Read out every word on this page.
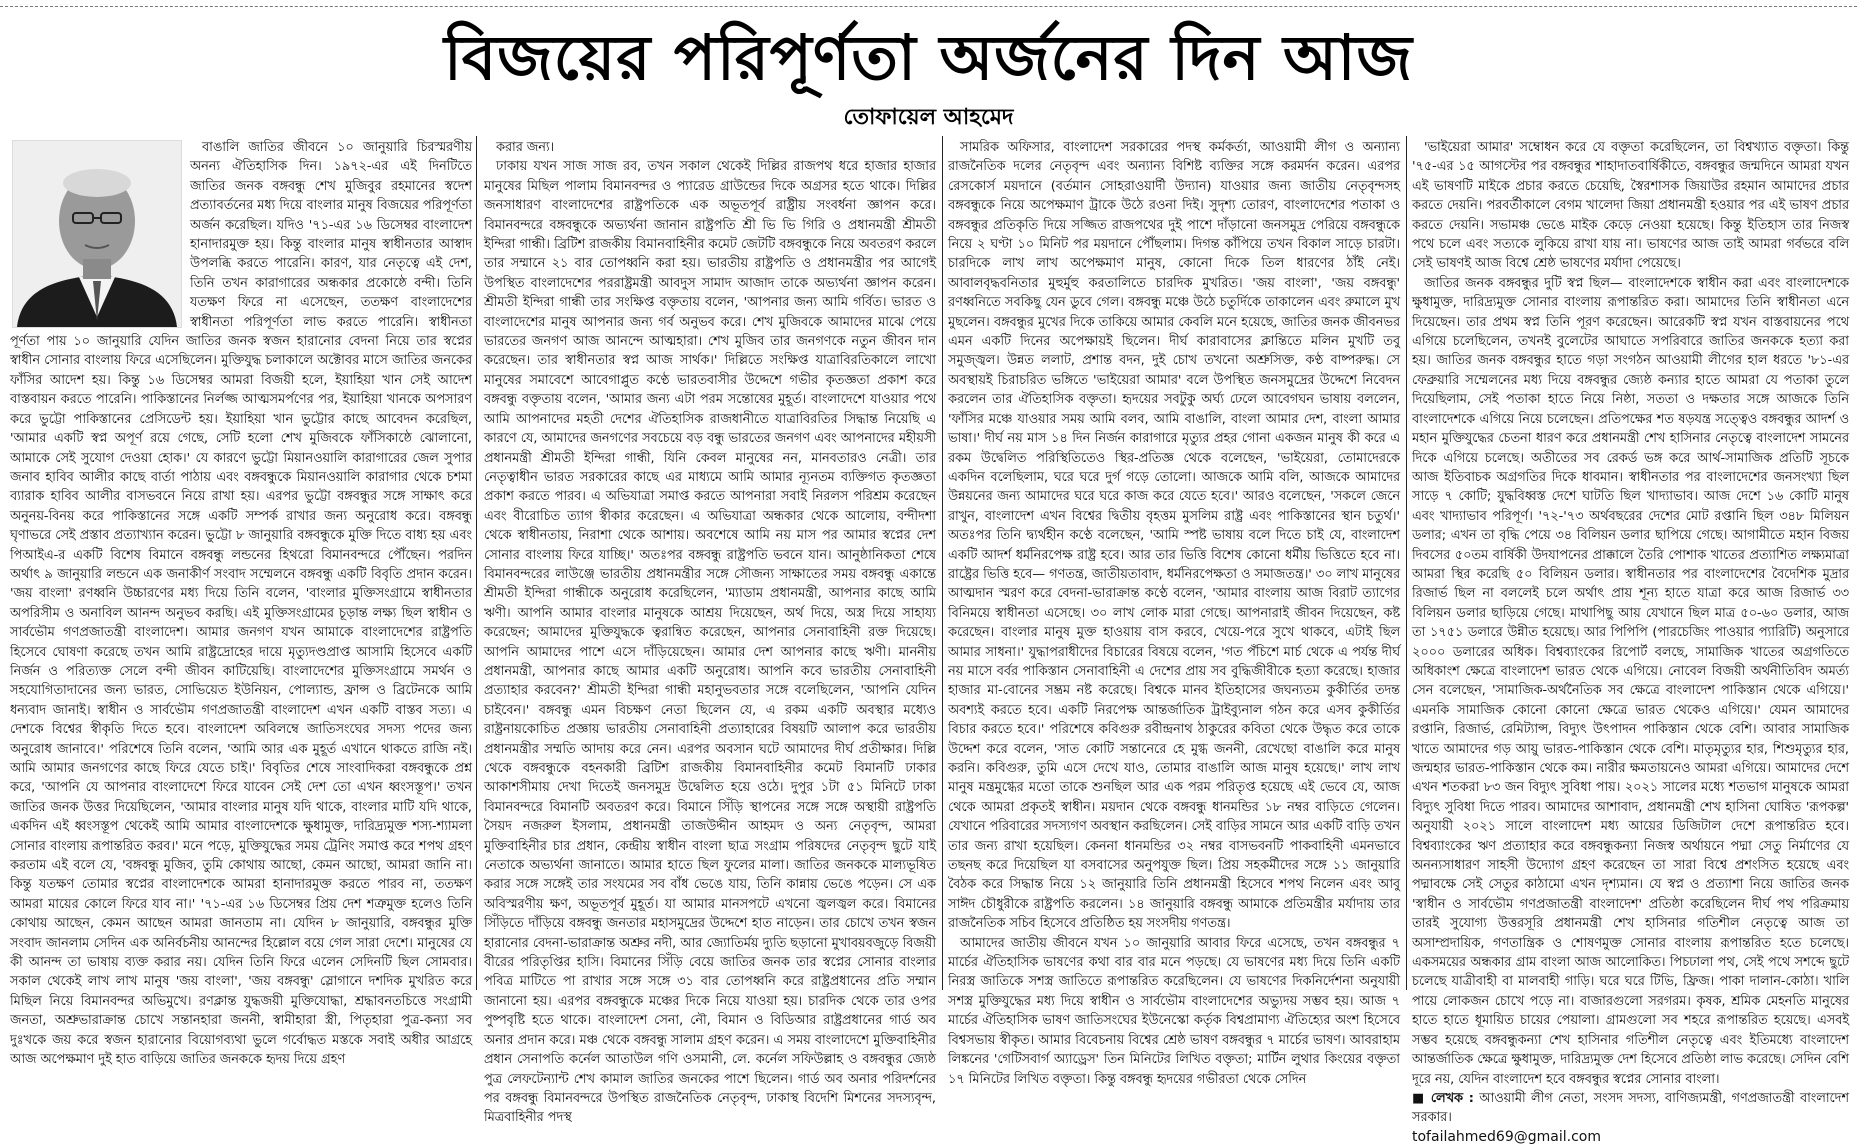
বিজয়ের পরিপূর্ণতা অর্জনের দিন আজ
তোফায়েল আহমেদ

বাঙালি জাতির জীবনে ১০ জানুয়ারি চিরস্মরণীয় অনন্য ঐতিহাসিক দিন। ১৯৭২-এর এই দিনটিতে জাতির জনক বঙ্গবন্ধু শেখ মুজিবুর রহমানের স্বদেশ প্রত্যাবর্তনের মধ্য দিয়ে বাংলার মানুষ বিজয়ের পরিপূর্ণতা অর্জন করেছিল। যদিও '৭১-এর ১৬ ডিসেম্বর বাংলাদেশ হানাদারমুক্ত হয়। কিন্তু বাংলার মানুষ স্বাধীনতার আস্বাদ উপলব্ধি করতে পারেনি। কারণ, যার নেতৃত্বে এই দেশ, তিনি তখন কারাগারের অন্ধকার প্রকোষ্ঠে বন্দী। তিনি যতক্ষণ ফিরে না এসেছেন, ততক্ষণ বাংলাদেশের স্বাধীনতা পরিপূর্ণতা লাভ করতে পারেনি। স্বাধীনতা পূর্ণতা পায় ১০ জানুয়ারি যেদিন জাতির জনক স্বজন হারানোর বেদনা নিয়ে তার স্বপ্নের স্বাধীন সোনার বাংলায় ফিরে এসেছিলেন। মুক্তিযুদ্ধ চলাকালে অক্টোবর মাসে জাতির জনকের ফাঁসির আদেশ হয়। কিন্তু ১৬ ডিসেম্বর আমরা বিজয়ী হলে, ইয়াহিয়া খান সেই আদেশ বাস্তবায়ন করতে পারেনি। পাকিস্তানের নির্লজ্জ আত্মসমর্পণের পর, ইয়াহিয়া খানকে অপসারণ করে ভুট্টো পাকিস্তানের প্রেসিডেন্ট হয়। ইয়াহিয়া খান ভুট্টোর কাছে আবেদন করেছিল, 'আমার একটি স্বপ্ন অপূর্ণ রয়ে গেছে, সেটি হলো শেখ মুজিবকে ফাঁসিকাষ্ঠে ঝোলানো, আমাকে সেই সুযোগ দেওয়া হোক।' যে কারণে ভুট্টো মিয়ানওয়ালি কারাগারের জেল সুপার জনাব হাবিব আলীর কাছে বার্তা পাঠায় এবং বঙ্গবন্ধুকে মিয়ানওয়ালি কারাগার থেকে চশমা ব্যারাক হাবিব আলীর বাসভবনে নিয়ে রাখা হয়। এরপর ভুট্টো বঙ্গবন্ধুর সঙ্গে সাক্ষাৎ করে অনুনয়-বিনয় করে পাকিস্তানের সঙ্গে একটি সম্পর্ক রাখার জন্য অনুরোধ করে। বঙ্গবন্ধু ঘৃণাভরে সেই প্রস্তাব প্রত্যাখ্যান করেন। ভুট্টো ৮ জানুয়ারি বঙ্গবন্ধুকে মুক্তি দিতে বাধ্য হয় এবং পিআইএ-র একটি বিশেষ বিমানে বঙ্গবন্ধু লন্ডনের হিথরো বিমানবন্দরে পৌঁছেন। পরদিন অর্থাৎ ৯ জানুয়ারি লন্ডনে এক জনাকীর্ণ সংবাদ সম্মেলনে বঙ্গবন্ধু একটি বিবৃতি প্রদান করেন। 'জয় বাংলা' রণধ্বনি উচ্চারণের মধ্য দিয়ে তিনি বলেন, 'বাংলার মুক্তিসংগ্রামে স্বাধীনতার অপরিসীম ও অনাবিল আনন্দ অনুভব করছি। এই মুক্তিসংগ্রামের চূড়ান্ত লক্ষ্য ছিল স্বাধীন ও সার্বভৌম গণপ্রজাতন্ত্রী বাংলাদেশ। আমার জনগণ যখন আমাকে বাংলাদেশের রাষ্ট্রপতি হিসেবে ঘোষণা করেছে তখন আমি রাষ্ট্রদ্রোহের দায়ে মৃত্যুদণ্ডপ্রাপ্ত আসামি হিসেবে একটি নির্জন ও পরিত্যক্ত সেলে বন্দী জীবন কাটিয়েছি। বাংলাদেশের মুক্তিসংগ্রামে সমর্থন ও সহযোগিতাদানের জন্য ভারত, সোভিয়েত ইউনিয়ন, পোল্যান্ড, ফ্রান্স ও ব্রিটেনকে আমি ধন্যবাদ জানাই। স্বাধীন ও সার্বভৌম গণপ্রজাতন্ত্রী বাংলাদেশ এখন একটি বাস্তব সত্য। এ দেশকে বিশ্বের স্বীকৃতি দিতে হবে। বাংলাদেশ অবিলম্বে জাতিসংঘের সদস্য পদের জন্য অনুরোধ জানাবে।' পরিশেষে তিনি বলেন, 'আমি আর এক মুহূর্ত এখানে থাকতে রাজি নই। আমি আমার জনগণের কাছে ফিরে যেতে চাই।' বিবৃতির শেষে সাংবাদিকরা বঙ্গবন্ধুকে প্রশ্ন করে, 'আপনি যে আপনার বাংলাদেশে ফিরে যাবেন সেই দেশ তো এখন ধ্বংসস্তূপ।' তখন জাতির জনক উত্তর দিয়েছিলেন, 'আমার বাংলার মানুষ যদি থাকে, বাংলার মাটি যদি থাকে, একদিন এই ধ্বংসস্তূপ থেকেই আমি আমার বাংলাদেশকে ক্ষুধামুক্ত, দারিদ্র্যমুক্ত শস্য-শ্যামলা সোনার বাংলায় রূপান্তরিত করব।' মনে পড়ে, মুক্তিযুদ্ধের সময় ট্রেনিং সমাপ্ত করে শপথ গ্রহণ করতাম এই বলে যে, 'বঙ্গবন্ধু মুজিব, তুমি কোথায় আছো, কেমন আছো, আমরা জানি না। কিন্তু যতক্ষণ তোমার স্বপ্নের বাংলাদেশকে আমরা হানাদারমুক্ত করতে পারব না, ততক্ষণ আমরা মায়ের কোলে ফিরে যাব না।' '৭১-এর ১৬ ডিসেম্বর প্রিয় দেশ শত্রুমুক্ত হলেও তিনি কোথায় আছেন, কেমন আছেন আমরা জানতাম না। যেদিন ৮ জানুয়ারি, বঙ্গবন্ধুর মুক্তি সংবাদ জানলাম সেদিন এক অনির্বচনীয় আনন্দের হিল্লোল বয়ে গেল সারা দেশে। মানুষের যে কী আনন্দ তা ভাষায় ব্যক্ত করার নয়। যেদিন তিনি ফিরে এলেন সেদিনটি ছিল সোমবার। সকাল থেকেই লাখ লাখ মানুষ 'জয় বাংলা', 'জয় বঙ্গবন্ধু' স্লোগানে দশদিক মুখরিত করে মিছিল নিয়ে বিমানবন্দর অভিমুখে। রণক্লান্ত যুদ্ধজয়ী মুক্তিযোদ্ধা, শ্রদ্ধাবনতচিত্তে সংগ্রামী জনতা, অশ্রুভারাক্রান্ত চোখে সন্তানহারা জননী, স্বামীহারা স্ত্রী, পিতৃহারা পুত্র-কন্যা সব দুঃখকে জয় করে স্বজন হারানোর বিয়োগব্যথা ভুলে গর্বোদ্ধত মস্তকে সবাই অধীর আগ্রহে আজ অপেক্ষমাণ দুই হাত বাড়িয়ে জাতির জনককে হৃদয় দিয়ে গ্রহণ

করার জন্য।

ঢাকায় যখন সাজ সাজ রব, তখন সকাল থেকেই দিল্লির রাজপথ ধরে হাজার হাজার মানুষের মিছিল পালাম বিমানবন্দর ও প্যারেড গ্রাউন্ডের দিকে অগ্রসর হতে থাকে। দিল্লির জনসাধারণ বাংলাদেশের রাষ্ট্রপতিকে এক অভূতপূর্ব রাষ্ট্রীয় সংবর্ধনা জ্ঞাপন করে। বিমানবন্দরে বঙ্গবন্ধুকে অভ্যর্থনা জানান রাষ্ট্রপতি শ্রী ভি ভি গিরি ও প্রধানমন্ত্রী শ্রীমতী ইন্দিরা গান্ধী। ব্রিটিশ রাজকীয় বিমানবাহিনীর কমেট জেটটি বঙ্গবন্ধুকে নিয়ে অবতরণ করলে তার সম্মানে ২১ বার তোপধ্বনি করা হয়। ভারতীয় রাষ্ট্রপতি ও প্রধানমন্ত্রীর পর আগেই উপস্থিত বাংলাদেশের পররাষ্ট্রমন্ত্রী আবদুস সামাদ আজাদ তাকে অভ্যর্থনা জ্ঞাপন করেন। শ্রীমতী ইন্দিরা গান্ধী তার সংক্ষিপ্ত বক্তৃতায় বলেন, 'আপনার জন্য আমি গর্বিত। ভারত ও বাংলাদেশের মানুষ আপনার জন্য গর্ব অনুভব করে। শেখ মুজিবকে আমাদের মাঝে পেয়ে ভারতের জনগণ আজ আনন্দে আত্মহারা। শেখ মুজিব তার জনগণকে নতুন জীবন দান করেছেন। তার স্বাধীনতার স্বপ্ন আজ সার্থক।' দিল্লিতে সংক্ষিপ্ত যাত্রাবিরতিকালে লাখো মানুষের সমাবেশে আবেগাপ্লুত কণ্ঠে ভারতবাসীর উদ্দেশে গভীর কৃতজ্ঞতা প্রকাশ করে বঙ্গবন্ধু বক্তৃতায় বলেন, 'আমার জন্য এটা পরম সন্তোষের মুহূর্ত। বাংলাদেশে যাওয়ার পথে আমি আপনাদের মহতী দেশের ঐতিহাসিক রাজধানীতে যাত্রাবিরতির সিদ্ধান্ত নিয়েছি এ কারণে যে, আমাদের জনগণের সবচেয়ে বড় বন্ধু ভারতের জনগণ এবং আপনাদের মহীয়সী প্রধানমন্ত্রী শ্রীমতী ইন্দিরা গান্ধী, যিনি কেবল মানুষের নন, মানবতারও নেত্রী। তার নেতৃত্বাধীন ভারত সরকারের কাছে এর মাধ্যমে আমি আমার ন্যূনতম ব্যক্তিগত কৃতজ্ঞতা প্রকাশ করতে পারব। এ অভিযাত্রা সমাপ্ত করতে আপনারা সবাই নিরলস পরিশ্রম করেছেন এবং বীরোচিত ত্যাগ স্বীকার করেছেন। এ অভিযাত্রা অন্ধকার থেকে আলোয়, বন্দীদশা থেকে স্বাধীনতায়, নিরাশা থেকে আশায়। অবশেষে আমি নয় মাস পর আমার স্বপ্নের দেশ সোনার বাংলায় ফিরে যাচ্ছি।' অতঃপর বঙ্গবন্ধু রাষ্ট্রপতি ভবনে যান। আনুষ্ঠানিকতা শেষে বিমানবন্দরের লাউঞ্জে ভারতীয় প্রধানমন্ত্রীর সঙ্গে সৌজন্য সাক্ষাতের সময় বঙ্গবন্ধু একান্তে শ্রীমতী ইন্দিরা গান্ধীকে অনুরোধ করেছিলেন, 'ম্যাডাম প্রধানমন্ত্রী, আপনার কাছে আমি ঋণী। আপনি আমার বাংলার মানুষকে আশ্রয় দিয়েছেন, অর্থ দিয়ে, অস্ত্র দিয়ে সাহায্য করেছেন; আমাদের মুক্তিযুদ্ধকে ত্বরান্বিত করেছেন, আপনার সেনাবাহিনী রক্ত দিয়েছে। আপনি আমাদের পাশে এসে দাঁড়িয়েছেন। আমার দেশ আপনার কাছে ঋণী। মাননীয় প্রধানমন্ত্রী, আপনার কাছে আমার একটি অনুরোধ। আপনি কবে ভারতীয় সেনাবাহিনী প্রত্যাহার করবেন?' শ্রীমতী ইন্দিরা গান্ধী মহানুভবতার সঙ্গে বলেছিলেন, 'আপনি যেদিন চাইবেন।' বঙ্গবন্ধু এমন বিচক্ষণ নেতা ছিলেন যে, এ রকম একটি অবস্থার মধ্যেও রাষ্ট্রনায়কোচিত প্রজ্ঞায় ভারতীয় সেনাবাহিনী প্রত্যাহারের বিষয়টি আলাপ করে ভারতীয় প্রধানমন্ত্রীর সম্মতি আদায় করে নেন। এরপর অবসান ঘটে আমাদের দীর্ঘ প্রতীক্ষার। দিল্লি থেকে বঙ্গবন্ধুকে বহনকারী ব্রিটিশ রাজকীয় বিমানবাহিনীর কমেট বিমানটি ঢাকার আকাশসীমায় দেখা দিতেই জনসমুদ্র উদ্বেলিত হয়ে ওঠে। দুপুর ১টা ৫১ মিনিটে ঢাকা বিমানবন্দরে বিমানটি অবতরণ করে। বিমানে সিঁড়ি স্থাপনের সঙ্গে সঙ্গে অস্থায়ী রাষ্ট্রপতি সৈয়দ নজরুল ইসলাম, প্রধানমন্ত্রী তাজউদ্দীন আহমদ ও অন্য নেতৃবৃন্দ, আমরা মুক্তিবাহিনীর চার প্রধান, কেন্দ্রীয় স্বাধীন বাংলা ছাত্র সংগ্রাম পরিষদের নেতৃবৃন্দ ছুটে যাই নেতাকে অভ্যর্থনা জানাতে। আমার হাতে ছিল ফুলের মালা। জাতির জনককে মাল্যভূষিত করার সঙ্গে সঙ্গেই তার সংযমের সব বাঁধ ভেঙে যায়, তিনি কান্নায় ভেঙে পড়েন। সে এক অবিস্মরণীয় ক্ষণ, অভূতপূর্ব মুহূর্ত। যা আমার মানসপটে এখনো জ্বলজ্বল করে। বিমানের সিঁড়িতে দাঁড়িয়ে বঙ্গবন্ধু জনতার মহাসমুদ্রের উদ্দেশে হাত নাড়েন। তার চোখে তখন স্বজন হারানোর বেদনা-ভারাক্রান্ত অশ্রুর নদী, আর জ্যোতির্ময় দ্যুতি ছড়ানো মুখাবয়বজুড়ে বিজয়ী বীরের পরিতৃপ্তির হাসি। বিমানের সিঁড়ি বেয়ে জাতির জনক তার স্বপ্নের সোনার বাংলার পবিত্র মাটিতে পা রাখার সঙ্গে সঙ্গে ৩১ বার তোপধ্বনি করে রাষ্ট্রপ্রধানের প্রতি সম্মান জানানো হয়। এরপর বঙ্গবন্ধুকে মঞ্চের দিকে নিয়ে যাওয়া হয়। চারদিক থেকে তার ওপর পুষ্পবৃষ্টি হতে থাকে। বাংলাদেশ সেনা, নৌ, বিমান ও বিডিআর রাষ্ট্রপ্রধানের গার্ড অব অনার প্রদান করে। মঞ্চ থেকে বঙ্গবন্ধু সালাম গ্রহণ করেন। এ সময় বাংলাদেশে মুক্তিবাহিনীর প্রধান সেনাপতি কর্নেল আতাউল গণি ওসমানী, লে. কর্নেল সফিউল্লাহ ও বঙ্গবন্ধুর জ্যেষ্ঠ পুত্র লেফটেন্যান্ট শেখ কামাল জাতির জনকের পাশে ছিলেন। গার্ড অব অনার পরিদর্শনের পর বঙ্গবন্ধু বিমানবন্দরে উপস্থিত রাজনৈতিক নেতৃবৃন্দ, ঢাকাস্থ বিদেশি মিশনের সদস্যবৃন্দ, মিত্রবাহিনীর পদস্থ

সামরিক অফিসার, বাংলাদেশ সরকারের পদস্থ কর্মকর্তা, আওয়ামী লীগ ও অন্যান্য রাজনৈতিক দলের নেতৃবৃন্দ এবং অন্যান্য বিশিষ্ট ব্যক্তির সঙ্গে করমর্দন করেন। এরপর রেসকোর্স ময়দানে (বর্তমান সোহরাওয়ার্দী উদ্যান) যাওয়ার জন্য জাতীয় নেতৃবৃন্দসহ বঙ্গবন্ধুকে নিয়ে অপেক্ষমাণ ট্রাকে উঠে রওনা দিই। সুদৃশ্য তোরণ, বাংলাদেশের পতাকা ও বঙ্গবন্ধুর প্রতিকৃতি দিয়ে সজ্জিত রাজপথের দুই পাশে দাঁড়ানো জনসমুদ্র পেরিয়ে বঙ্গবন্ধুকে নিয়ে ২ ঘণ্টা ১০ মিনিট পর ময়দানে পৌঁছলাম। দিগন্ত কাঁপিয়ে তখন বিকাল সাড়ে চারটা। চারদিকে লাখ লাখ অপেক্ষমাণ মানুষ, কোনো দিকে তিল ধারণের ঠাঁই নেই। আবালবৃদ্ধবনিতার মুহুর্মুহু করতালিতে চারদিক মুখরিত। 'জয় বাংলা', 'জয় বঙ্গবন্ধু' রণধ্বনিতে সবকিছু যেন ডুবে গেল। বঙ্গবন্ধু মঞ্চে উঠে চতুর্দিকে তাকালেন এবং রুমালে মুখ মুছলেন। বঙ্গবন্ধুর মুখের দিকে তাকিয়ে আমার কেবলি মনে হয়েছে, জাতির জনক জীবনভর এমন একটি দিনের অপেক্ষায়ই ছিলেন। দীর্ঘ কারাবাসের ক্লান্তিতে মলিন মুখটি তবু সমুজ্জ্বল। উন্নত ললাট, প্রশান্ত বদন, দুই চোখ তখনো অশ্রুসিক্ত, কণ্ঠ বাষ্পরুদ্ধ। সে অবস্থায়ই চিরাচরিত ভঙ্গিতে 'ভাইয়েরা আমার' বলে উপস্থিত জনসমুদ্রের উদ্দেশে নিবেদন করলেন তার ঐতিহাসিক বক্তৃতা। হৃদয়ের সবটুকু অর্ঘ্য ঢেলে আবেগঘন ভাষায় বললেন, 'ফাঁসির মঞ্চে যাওয়ার সময় আমি বলব, আমি বাঙালি, বাংলা আমার দেশ, বাংলা আমার ভাষা।' দীর্ঘ নয় মাস ১৪ দিন নির্জন কারাগারে মৃত্যুর প্রহর গোনা একজন মানুষ কী করে এ রকম উদ্বেলিত পরিস্থিতিতেও স্থির-প্রতিজ্ঞ থেকে বলেছেন, 'ভাইয়েরা, তোমাদেরকে একদিন বলেছিলাম, ঘরে ঘরে দুর্গ গড়ে তোলো। আজকে আমি বলি, আজকে আমাদের উন্নয়নের জন্য আমাদের ঘরে ঘরে কাজ করে যেতে হবে।' আরও বলেছেন, 'সকলে জেনে রাখুন, বাংলাদেশ এখন বিশ্বের দ্বিতীয় বৃহত্তম মুসলিম রাষ্ট্র এবং পাকিস্তানের স্থান চতুর্থ।' অতঃপর তিনি দ্ব্যর্থহীন কণ্ঠে বলেছেন, 'আমি স্পষ্ট ভাষায় বলে দিতে চাই যে, বাংলাদেশ একটি আদর্শ ধর্মনিরপেক্ষ রাষ্ট্র হবে। আর তার ভিত্তি বিশেষ কোনো ধর্মীয় ভিত্তিতে হবে না। রাষ্ট্রের ভিত্তি হবে— গণতন্ত্র, জাতীয়তাবাদ, ধর্মনিরপেক্ষতা ও সমাজতন্ত্র।' ৩০ লাখ মানুষের আত্মদান স্মরণ করে বেদনা-ভারাক্রান্ত কণ্ঠে বলেন, 'আমার বাংলায় আজ বিরাট ত্যাগের বিনিময়ে স্বাধীনতা এসেছে। ৩০ লাখ লোক মারা গেছে। আপনারাই জীবন দিয়েছেন, কষ্ট করেছেন। বাংলার মানুষ মুক্ত হাওয়ায় বাস করবে, খেয়ে-পরে সুখে থাকবে, এটাই ছিল আমার সাধনা।' যুদ্ধাপরাধীদের বিচারের বিষয়ে বলেন, 'গত পঁচিশে মার্চ থেকে এ পর্যন্ত দীর্ঘ নয় মাসে বর্বর পাকিস্তান সেনাবাহিনী এ দেশের প্রায় সব বুদ্ধিজীবীকে হত্যা করেছে। হাজার হাজার মা-বোনের সম্ভ্রম নষ্ট করেছে। বিশ্বকে মানব ইতিহাসের জঘন্যতম কুকীর্তির তদন্ত অবশ্যই করতে হবে। একটি নিরপেক্ষ আন্তর্জাতিক ট্রাইব্যুনাল গঠন করে এসব কুকীর্তির বিচার করতে হবে।' পরিশেষে কবিগুরু রবীন্দ্রনাথ ঠাকুরের কবিতা থেকে উদ্ধৃত করে তাকে উদ্দেশ করে বলেন, 'সাত কোটি সন্তানেরে হে মুগ্ধ জননী, রেখেছো বাঙালি করে মানুষ করনি। কবিগুরু, তুমি এসে দেখে যাও, তোমার বাঙালি আজ মানুষ হয়েছে।' লাখ লাখ মানুষ মন্ত্রমুগ্ধের মতো তাকে শুনছিল আর এক পরম পরিতৃপ্ত হয়েছে এই ভেবে যে, আজ থেকে আমরা প্রকৃতই স্বাধীন। ময়দান থেকে বঙ্গবন্ধু ধানমন্ডির ১৮ নম্বর বাড়িতে গেলেন। যেখানে পরিবারের সদস্যগণ অবস্থান করছিলেন। সেই বাড়ির সামনে আর একটি বাড়ি তখন তার জন্য রাখা হয়েছিল। কেননা ধানমন্ডির ৩২ নম্বর বাসভবনটি পাকবাহিনী এমনভাবে তছনছ করে দিয়েছিল যা বসবাসের অনুপযুক্ত ছিল। প্রিয় সহকর্মীদের সঙ্গে ১১ জানুয়ারি বৈঠক করে সিদ্ধান্ত নিয়ে ১২ জানুয়ারি তিনি প্রধানমন্ত্রী হিসেবে শপথ নিলেন এবং আবু সাঈদ চৌধুরীকে রাষ্ট্রপতি করলেন। ১৪ জানুয়ারি বঙ্গবন্ধু আমাকে প্রতিমন্ত্রীর মর্যাদায় তার রাজনৈতিক সচিব হিসেবে প্রতিষ্ঠিত হয় সংসদীয় গণতন্ত্র।

আমাদের জাতীয় জীবনে যখন ১০ জানুয়ারি আবার ফিরে এসেছে, তখন বঙ্গবন্ধুর ৭ মার্চের ঐতিহাসিক ভাষণের কথা বার বার মনে পড়ছে। যে ভাষণের মধ্য দিয়ে তিনি একটি নিরস্ত্র জাতিকে সশস্ত্র জাতিতে রূপান্তরিত করেছিলেন। যে ভাষণের দিকনির্দেশনা অনুযায়ী সশস্ত্র মুক্তিযুদ্ধের মধ্য দিয়ে স্বাধীন ও সার্বভৌম বাংলাদেশের অভ্যুদয় সম্ভব হয়। আজ ৭ মার্চের ঐতিহাসিক ভাষণ জাতিসংঘের ইউনেস্কো কর্তৃক বিশ্বপ্রামাণ্য ঐতিহ্যের অংশ হিসেবে বিশ্বসভায় স্বীকৃত। আমার বিবেচনায় বিশ্বের শ্রেষ্ঠ ভাষণ বঙ্গবন্ধুর ৭ মার্চের ভাষণ। আবরাহাম লিঙ্কনের 'গেটিসবার্গ অ্যাড্রেস' তিন মিনিটের লিখিত বক্তৃতা; মার্টিন লুথার কিংয়ের বক্তৃতা ১৭ মিনিটের লিখিত বক্তৃতা। কিন্তু বঙ্গবন্ধু হৃদয়ের গভীরতা থেকে সেদিন

'ভাইয়েরা আমার' সম্বোধন করে যে বক্তৃতা করেছিলেন, তা বিশ্বখ্যাত বক্তৃতা। কিন্তু '৭৫-এর ১৫ আগস্টের পর বঙ্গবন্ধুর শাহাদাতবার্ষিকীতে, বঙ্গবন্ধুর জন্মদিনে আমরা যখন এই ভাষণটি মাইকে প্রচার করতে চেয়েছি, স্বৈরশাসক জিয়াউর রহমান আমাদের প্রচার করতে দেয়নি। পরবর্তীকালে বেগম খালেদা জিয়া প্রধানমন্ত্রী হওয়ার পর এই ভাষণ প্রচার করতে দেয়নি। সভামঞ্চ ভেঙে মাইক কেড়ে নেওয়া হয়েছে। কিন্তু ইতিহাস তার নিজস্ব পথে চলে এবং সত্যকে লুকিয়ে রাখা যায় না। ভাষণের আজ তাই আমরা গর্বভরে বলি সেই ভাষণই আজ বিশ্বে শ্রেষ্ঠ ভাষণের মর্যাদা পেয়েছে।

জাতির জনক বঙ্গবন্ধুর দুটি স্বপ্ন ছিল— বাংলাদেশকে স্বাধীন করা এবং বাংলাদেশকে ক্ষুধামুক্ত, দারিদ্র্যমুক্ত সোনার বাংলায় রূপান্তরিত করা। আমাদের তিনি স্বাধীনতা এনে দিয়েছেন। তার প্রথম স্বপ্ন তিনি পূরণ করেছেন। আরেকটি স্বপ্ন যখন বাস্তবায়নের পথে এগিয়ে চলেছিলেন, তখনই বুলেটের আঘাতে সপরিবারে জাতির জনককে হত্যা করা হয়। জাতির জনক বঙ্গবন্ধুর হাতে গড়া সংগঠন আওয়ামী লীগের হাল ধরতে '৮১-এর ফেব্রুয়ারি সম্মেলনের মধ্য দিয়ে বঙ্গবন্ধুর জ্যেষ্ঠ কন্যার হাতে আমরা যে পতাকা তুলে দিয়েছিলাম, সেই পতাকা হাতে নিয়ে নিষ্ঠা, সততা ও দক্ষতার সঙ্গে আজকে তিনি বাংলাদেশকে এগিয়ে নিয়ে চলেছেন। প্রতিপক্ষের শত ষড়যন্ত্র সত্ত্বেও বঙ্গবন্ধুর আদর্শ ও মহান মুক্তিযুদ্ধের চেতনা ধারণ করে প্রধানমন্ত্রী শেখ হাসিনার নেতৃত্বে বাংলাদেশ সামনের দিকে এগিয়ে চলেছে। অতীতের সব রেকর্ড ভঙ্গ করে আর্থ-সামাজিক প্রতিটি সূচকে আজ ইতিবাচক অগ্রগতির দিকে ধাবমান। স্বাধীনতার পর বাংলাদেশের জনসংখ্যা ছিল সাড়ে ৭ কোটি; যুদ্ধবিধ্বস্ত দেশে ঘাটতি ছিল খাদ্যাভাব। আজ দেশে ১৬ কোটি মানুষ এবং খাদ্যাভাব পরিপূর্ণ। '৭২-'৭৩ অর্থবছরের দেশের মোট রপ্তানি ছিল ৩৪৮ মিলিয়ন ডলার; এখন তা বৃদ্ধি পেয়ে ৩৪ বিলিয়ন ডলার ছাপিয়ে গেছে। আগামীতে মহান বিজয় দিবসের ৫০তম বার্ষিকী উদযাপনের প্রাক্কালে তৈরি পোশাক খাতের প্রত্যাশিত লক্ষ্যমাত্রা আমরা স্থির করেছি ৫০ বিলিয়ন ডলার। স্বাধীনতার পর বাংলাদেশের বৈদেশিক মুদ্রার রিজার্ভ ছিল না বললেই চলে অর্থাৎ প্রায় শূন্য হাতে যাত্রা করে আজ রিজার্ভ ৩৩ বিলিয়ন ডলার ছাড়িয়ে গেছে। মাথাপিছু আয় যেখানে ছিল মাত্র ৫০-৬০ ডলার, আজ তা ১৭৫১ ডলারে উন্নীত হয়েছে। আর পিপিপি (পারচেজিং পাওয়ার প্যারিটি) অনুসারে ২০০০ ডলারের অধিক। বিশ্বব্যাংকের রিপোর্ট বলছে, সামাজিক খাতের অগ্রগতিতে অধিকাংশ ক্ষেত্রে বাংলাদেশ ভারত থেকে এগিয়ে। নোবেল বিজয়ী অর্থনীতিবিদ অমর্ত্য সেন বলেছেন, 'সামাজিক-অর্থনৈতিক সব ক্ষেত্রে বাংলাদেশ পাকিস্তান থেকে এগিয়ে।' এমনকি সামাজিক কোনো কোনো ক্ষেত্রে ভারত থেকেও এগিয়ে।' যেমন আমাদের রপ্তানি, রিজার্ভ, রেমিট্যান্স, বিদ্যুৎ উৎপাদন পাকিস্তান থেকে বেশি। আবার সামাজিক খাতে আমাদের গড় আয়ু ভারত-পাকিস্তান থেকে বেশি। মাতৃমৃত্যুর হার, শিশুমৃত্যুর হার, জন্মহার ভারত-পাকিস্তান থেকে কম। নারীর ক্ষমতায়নেও আমরা এগিয়ে। আমাদের দেশে এখন শতকরা ৮৩ জন বিদ্যুৎ সুবিধা পায়। ২০২১ সালের মধ্যে শতভাগ মানুষকে আমরা বিদ্যুৎ সুবিধা দিতে পারব। আমাদের আশাবাদ, প্রধানমন্ত্রী শেখ হাসিনা ঘোষিত 'রূপকল্প' অনুযায়ী ২০২১ সালে বাংলাদেশ মধ্য আয়ের ডিজিটাল দেশে রূপান্তরিত হবে। বিশ্বব্যাংকের ঋণ প্রত্যাহার করে বঙ্গবন্ধুকন্যা নিজস্ব অর্থায়নে পদ্মা সেতু নির্মাণের যে অনন্যসাধারণ সাহসী উদ্যোগ গ্রহণ করেছেন তা সারা বিশ্বে প্রশংসিত হয়েছে এবং পদ্মাবক্ষে সেই সেতুর কাঠামো এখন দৃশ্যমান। যে স্বপ্ন ও প্রত্যাশা নিয়ে জাতির জনক 'স্বাধীন ও সার্বভৌম গণপ্রজাতন্ত্রী বাংলাদেশ' প্রতিষ্ঠা করেছিলেন দীর্ঘ পথ পরিক্রমায় তারই সুযোগ্য উত্তরসূরি প্রধানমন্ত্রী শেখ হাসিনার গতিশীল নেতৃত্বে আজ তা অসাম্প্রদায়িক, গণতান্ত্রিক ও শোষণমুক্ত সোনার বাংলায় রূপান্তরিত হতে চলেছে। একসময়ের অন্ধকার গ্রাম বাংলা আজ আলোকিত। পিচঢালা পথ, সেই পথে সশব্দে ছুটে চলেছে যাত্রীবাহী বা মালবাহী গাড়ি। ঘরে ঘরে টিভি, ফ্রিজ। পাকা দালান-কোঠা। খালি পায়ে লোকজন চোখে পড়ে না। বাজারগুলো সরগরম। কৃষক, শ্রমিক মেহনতি মানুষের হাতে হাতে ধূমায়িত চায়ের পেয়ালা। গ্রামগুলো সব শহরে রূপান্তরিত হয়েছে। এসবই সম্ভব হয়েছে বঙ্গবন্ধুকন্যা শেখ হাসিনার গতিশীল নেতৃত্বে এবং ইতিমধ্যে বাংলাদেশ আন্তর্জাতিক ক্ষেত্রে ক্ষুধামুক্ত, দারিদ্র্যমুক্ত দেশ হিসেবে প্রতিষ্ঠা লাভ করেছে। সেদিন বেশি দূরে নয়, যেদিন বাংলাদেশ হবে বঙ্গবন্ধুর স্বপ্নের সোনার বাংলা।

■ লেখক : আওয়ামী লীগ নেতা, সংসদ সদস্য, বাণিজ্যমন্ত্রী, গণপ্রজাতন্ত্রী বাংলাদেশ সরকার।
tofailahmed69@gmail.com
